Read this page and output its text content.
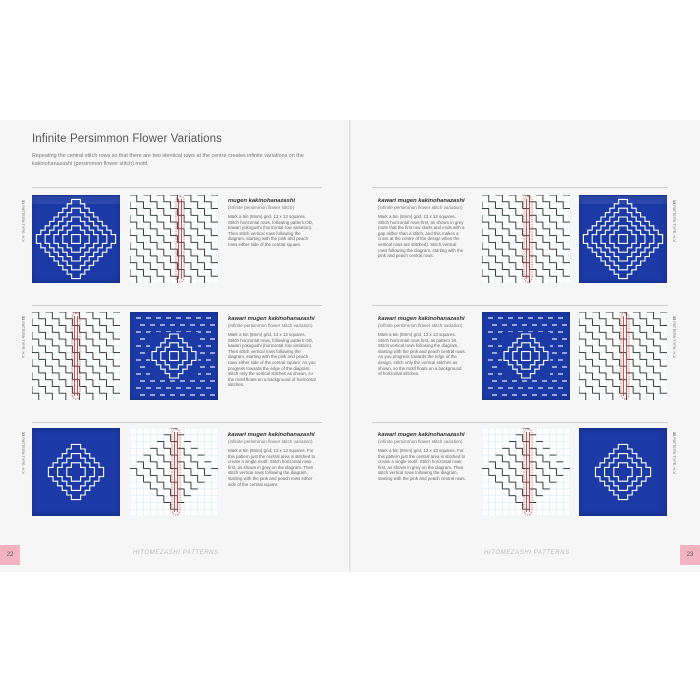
Infinite Persimmon Flower Variations
Repeating the central stitch rows so that there are two identical rows at the centre creates infinite variations on the kakinohanazashi (persimmon flower stitch) motif.
31 PATTERN TYPE: H-V
mugen kakinohanazashi
(infinite persimmon flower stitch)
Mark a 5in (8mm) grid, 13 x 13 squares. Stitch horizontal rows, following pattern OD, kawari yokogushi (horizontal row variation). Then stitch vertical rows following the diagram, starting with the pink and peach rows either side of the central square.
32 PATTERN TYPE: H-V
kawari mugen kakinohanazashi
(infinite persimmon flower stitch variation)
Mark a 5in (8mm) grid, 13 x 13 squares. Stitch horizontal rows, following pattern OD, kawari yokogushi (horizontal row variation). Then stitch vertical rows following the diagram, starting with the pink and peach rows either side of the central square. As you progress towards the edge of the diagram, stitch only the vertical stitches as shown, so the motif floats on a background of horizontal stitches.
33 PATTERN TYPE: H-V
kawari mugen kakinohanazashi
(infinite persimmon flower stitch variation)
Mark a 5in (8mm) grid, 13 x 13 squares. For this pattern just the central area is stitched to create a single motif. Stitch horizontal rows first, as shown in grey on the diagram. Then stitch vertical rows following the diagram, starting with the pink and peach rows either side of the central square.
kawari mugen kakinohanazashi
(infinite persimmon flower stitch variation)
Mark a 5in (8mm) grid, 13 x 13 squares. Stitch horizontal rows first, as shown in grey (note that the first row starts and ends with a gap rather than a stitch, and this makes a cross at the centre of the design when the vertical rows are stitched). Stitch vertical rows following the diagram, starting with the pink and peach central rows.
34 PATTERN TYPE: H-V
kawari mugen kakinohanazashi
(infinite persimmon flower stitch variation)
Mark a 5in (8mm) grid, 13 x 13 squares. Stitch horizontal rows first, as pattern 34. Stitch vertical rows following the diagram, starting with the pink and peach central rows. As you progress towards the edge of the design, stitch only the vertical stitches as shown, so the motif floats on a background of horizontal stitches.
35 PATTERN TYPE: H-V
kawari mugen kakinohanazashi
(infinite persimmon flower stitch variation)
Mark a 5in (8mm) grid, 13 x 13 squares. For this pattern just the central area is stitched to create a single motif. Stitch horizontal rows first, as shown in grey on the diagram. Then stitch vertical rows following the diagram, starting with the pink and peach central rows.
36 PATTERN TYPE: H-V
22	HITOMEZASHI PATTERNS	HITOMEZASHI PATTERNS	23
